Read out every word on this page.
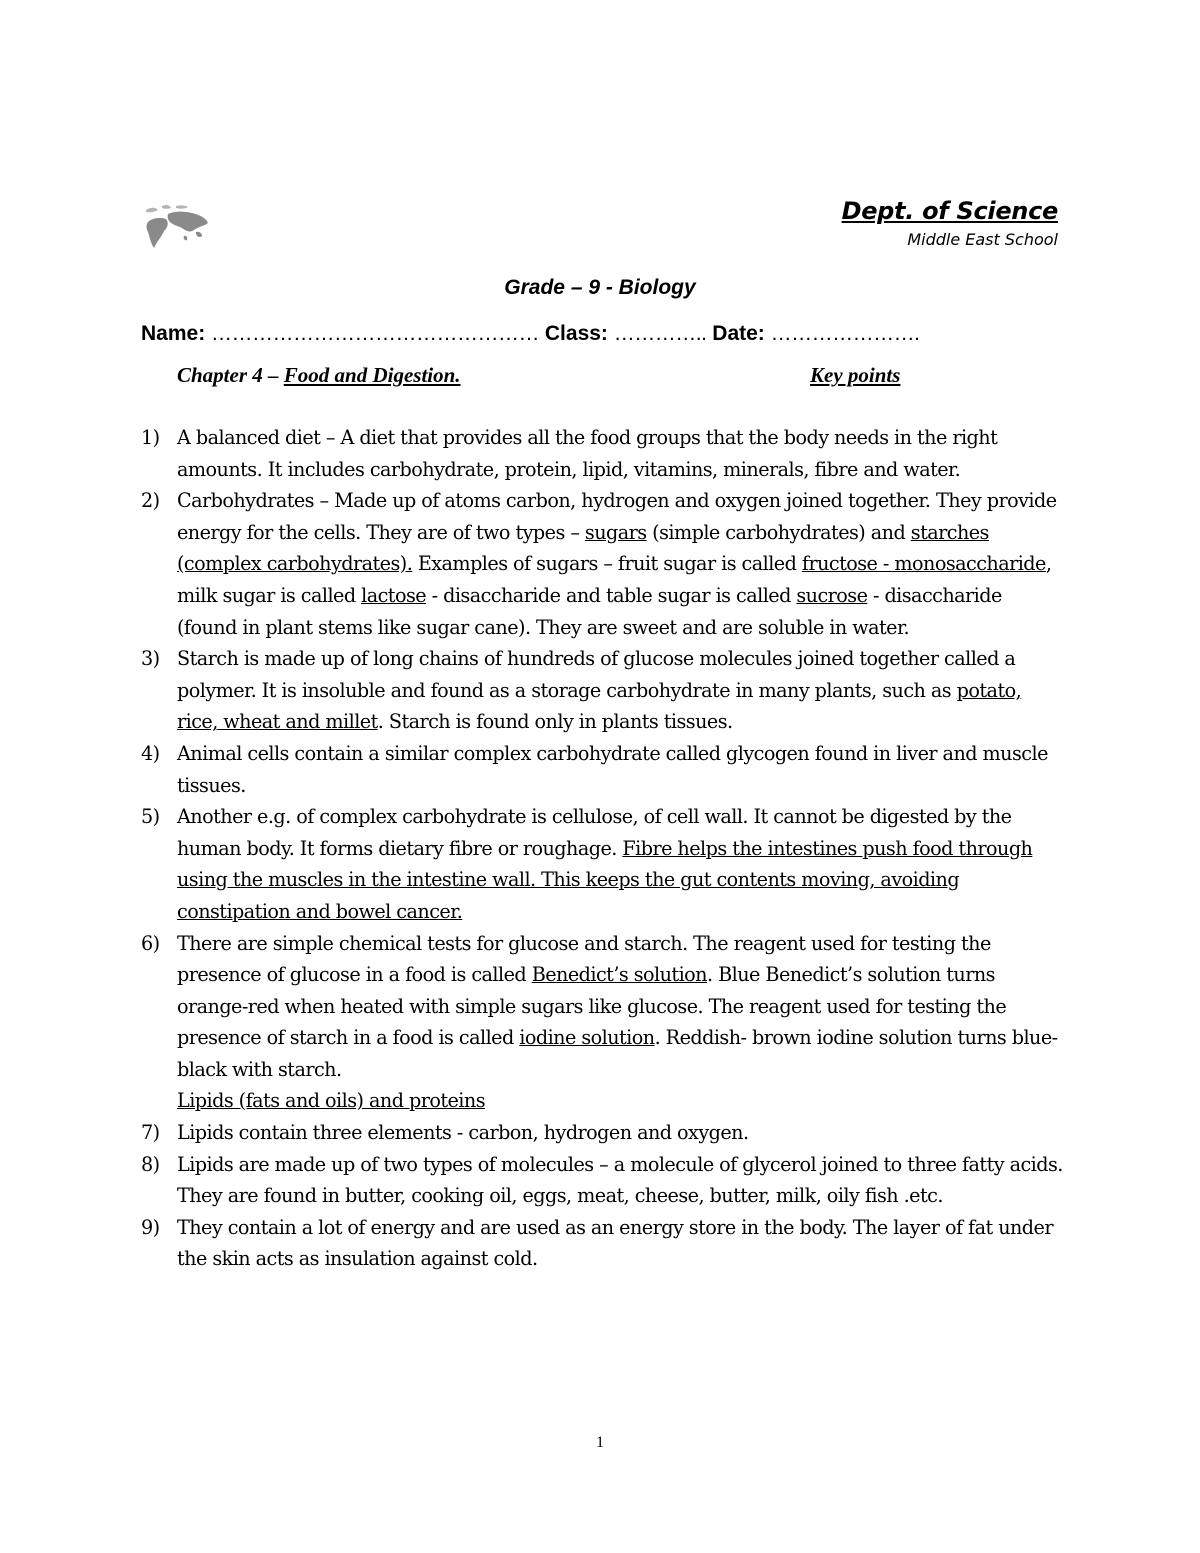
Dept. of Science
Middle East School
Grade – 9 - Biology
Name: ………………………………………… Class: ………….. Date: ………………….
Chapter 4 – Food and Digestion.	Key points
1) A balanced diet – A diet that provides all the food groups that the body needs in the right amounts. It includes carbohydrate, protein, lipid, vitamins, minerals, fibre and water.
2) Carbohydrates – Made up of atoms carbon, hydrogen and oxygen joined together. They provide energy for the cells. They are of two types – sugars (simple carbohydrates) and starches (complex carbohydrates). Examples of sugars – fruit sugar is called fructose - monosaccharide, milk sugar is called lactose - disaccharide and table sugar is called sucrose - disaccharide (found in plant stems like sugar cane). They are sweet and are soluble in water.
3) Starch is made up of long chains of hundreds of glucose molecules joined together called a polymer. It is insoluble and found as a storage carbohydrate in many plants, such as potato, rice, wheat and millet. Starch is found only in plants tissues.
4) Animal cells contain a similar complex carbohydrate called glycogen found in liver and muscle tissues.
5) Another e.g. of complex carbohydrate is cellulose, of cell wall. It cannot be digested by the human body. It forms dietary fibre or roughage. Fibre helps the intestines push food through using the muscles in the intestine wall. This keeps the gut contents moving, avoiding constipation and bowel cancer.
6) There are simple chemical tests for glucose and starch. The reagent used for testing the presence of glucose in a food is called Benedict’s solution. Blue Benedict’s solution turns orange-red when heated with simple sugars like glucose. The reagent used for testing the presence of starch in a food is called iodine solution. Reddish- brown iodine solution turns blue-black with starch.
Lipids (fats and oils) and proteins
7) Lipids contain three elements - carbon, hydrogen and oxygen.
8) Lipids are made up of two types of molecules – a molecule of glycerol joined to three fatty acids. They are found in butter, cooking oil, eggs, meat, cheese, butter, milk, oily fish .etc.
9) They contain a lot of energy and are used as an energy store in the body. The layer of fat under the skin acts as insulation against cold.
1
